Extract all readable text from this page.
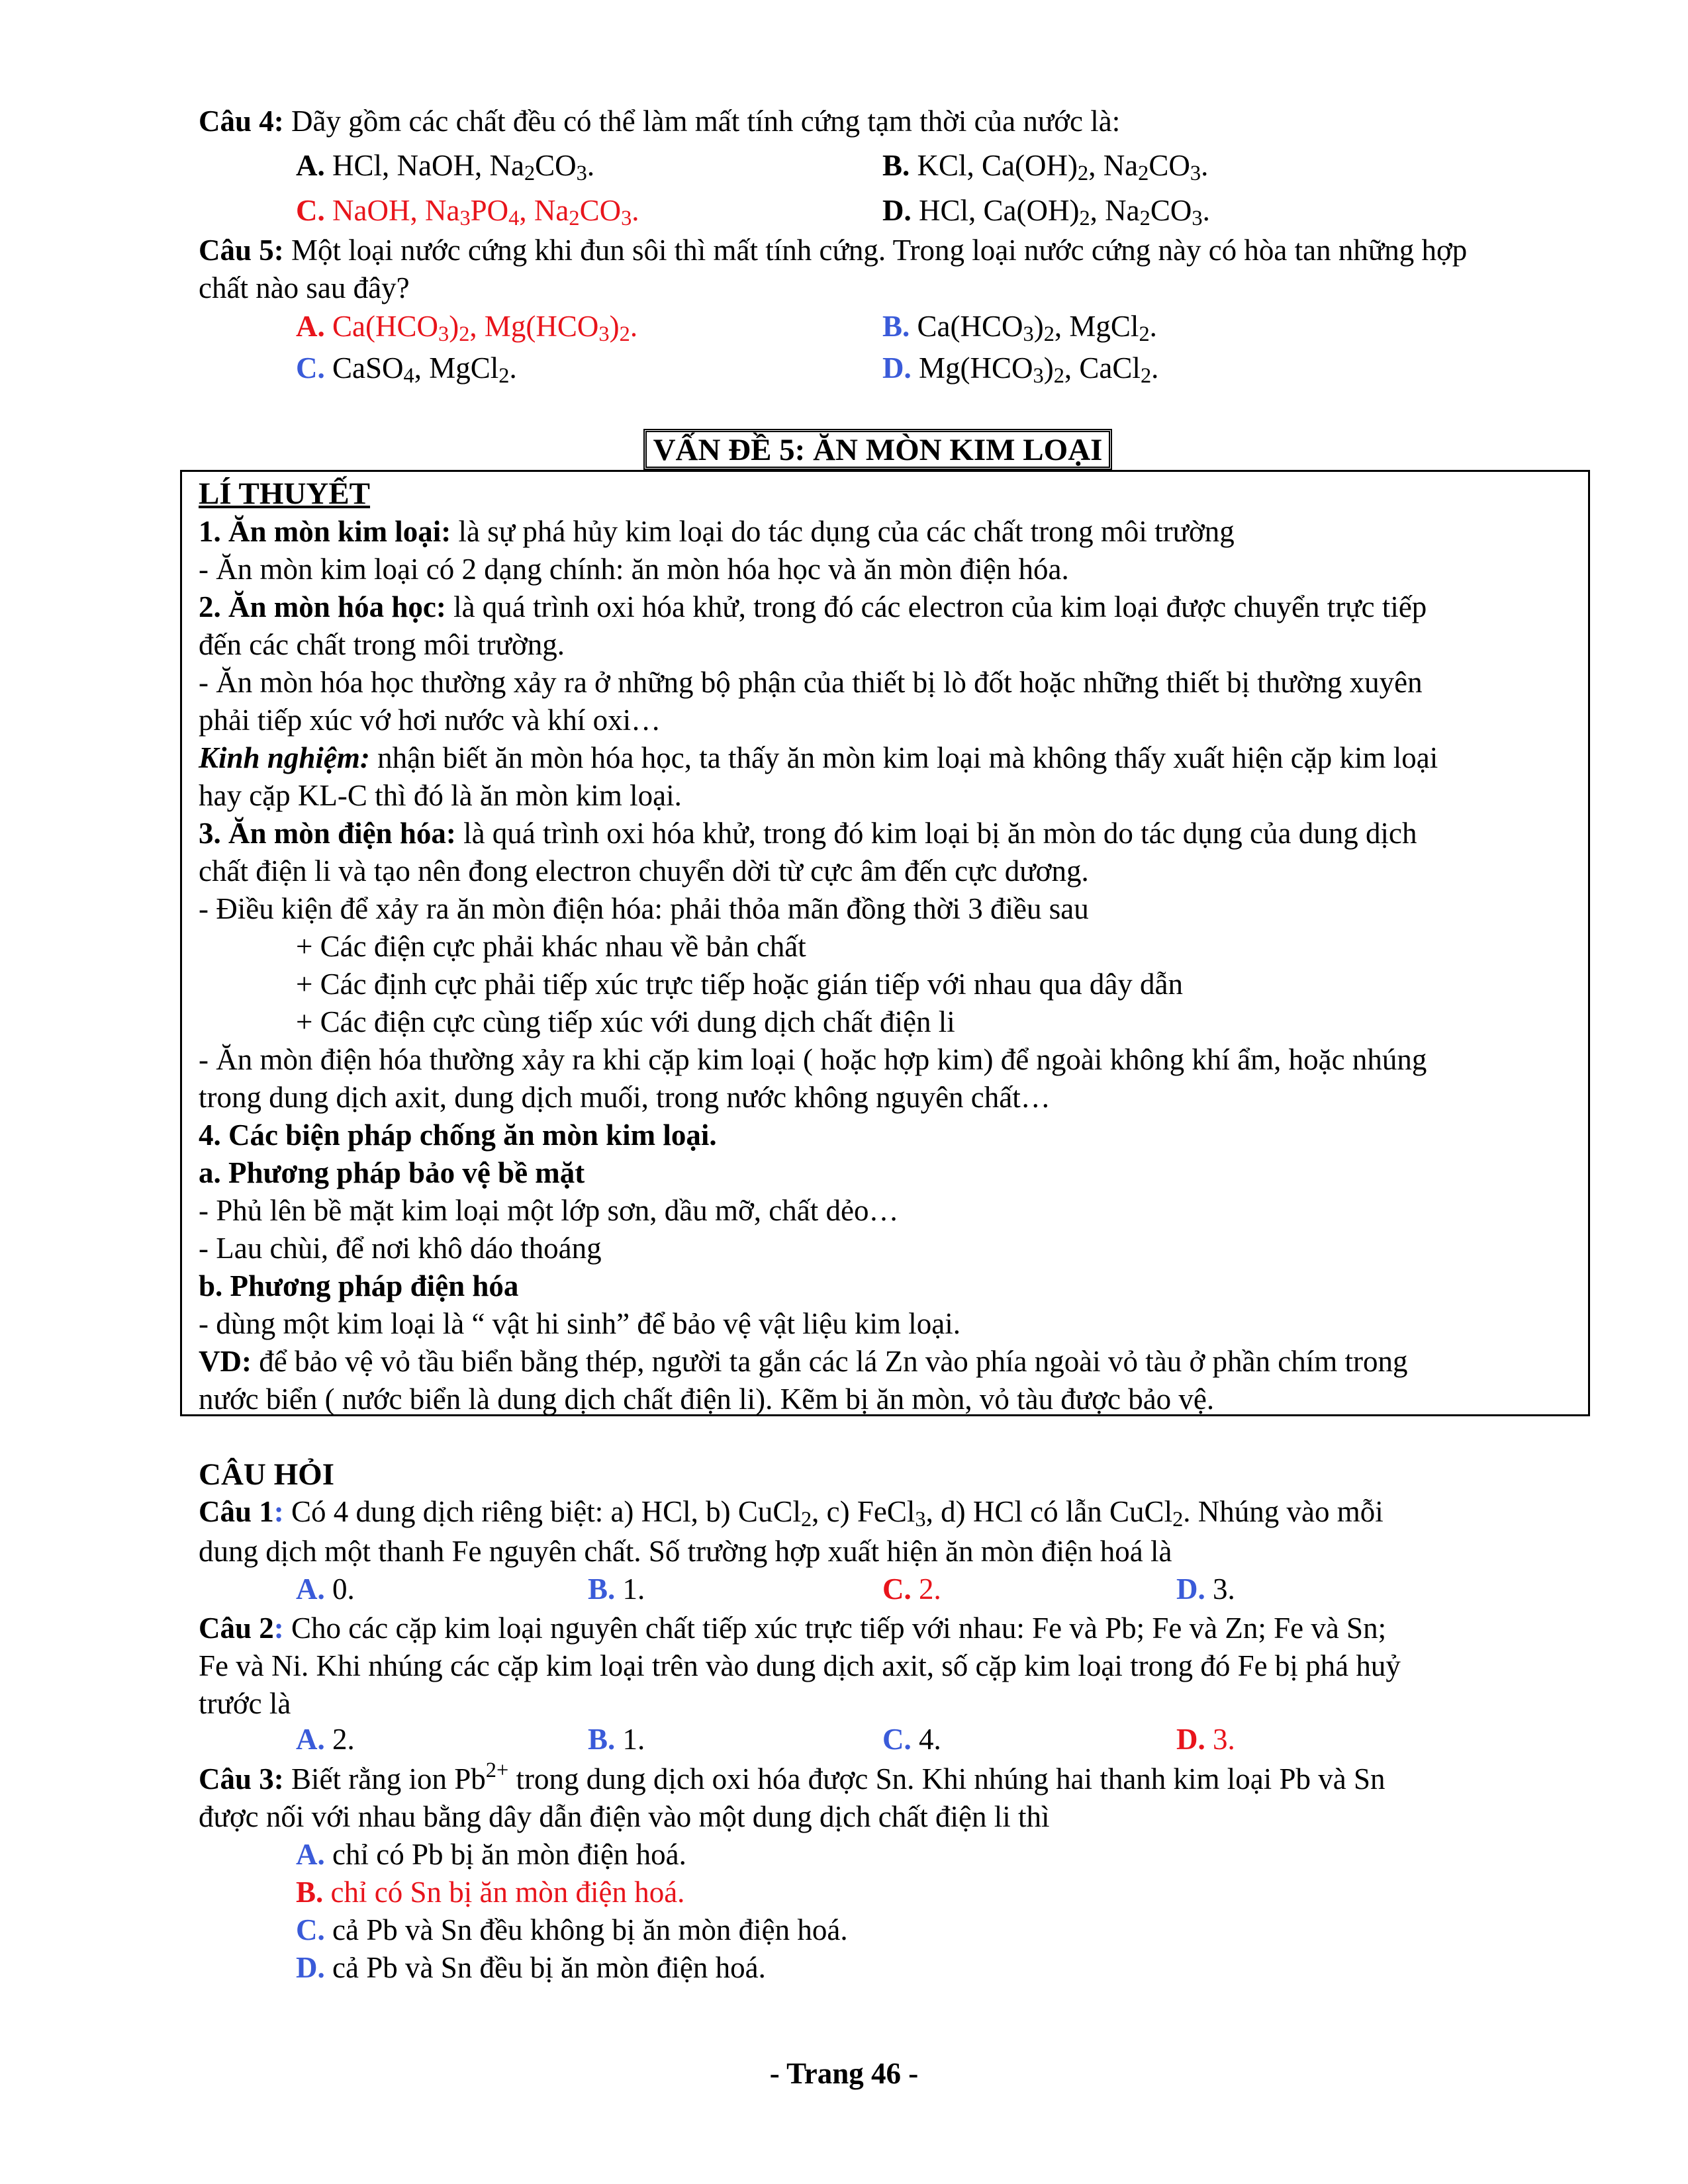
Câu 4: Dãy gồm các chất đều có thể làm mất tính cứng tạm thời của nước là:
A. HCl, NaOH, $Na_2CO_3$.	B. KCl, $Ca(OH)_2$, $Na_2CO_3$.
C. NaOH, $Na_3PO_4$, $Na_2CO_3$.	D. HCl, $Ca(OH)_2$, $Na_2CO_3$.
Câu 5: Một loại nước cứng khi đun sôi thì mất tính cứng. Trong loại nước cứng này có hòa tan những hợp
chất nào sau đây?
A. $Ca(HCO_3)_2$, $Mg(HCO_3)_2$.	B. $Ca(HCO_3)_2$, MgCl$_2$.
C. CaSO$_4$, MgCl$_2$.	D. $Mg(HCO_3)_2$, CaCl$_2$.
VẤN ĐỀ 5: ĂN MÒN KIM LOẠI
LÍ THUYẾT
1. Ăn mòn kim loại: là sự phá hủy kim loại do tác dụng của các chất trong môi trường
- Ăn mòn kim loại có 2 dạng chính: ăn mòn hóa học và ăn mòn điện hóa.
2. Ăn mòn hóa học: là quá trình oxi hóa khử, trong đó các electron của kim loại được chuyển trực tiếp
đến các chất trong môi trường.
- Ăn mòn hóa học thường xảy ra ở những bộ phận của thiết bị lò đốt hoặc những thiết bị thường xuyên
phải tiếp xúc vớ hơi nước và khí oxi…
Kinh nghiệm: nhận biết ăn mòn hóa học, ta thấy ăn mòn kim loại mà không thấy xuất hiện cặp kim loại
hay cặp KL-C thì đó là ăn mòn kim loại.
3. Ăn mòn điện hóa: là quá trình oxi hóa khử, trong đó kim loại bị ăn mòn do tác dụng của dung dịch
chất điện li và tạo nên đong electron chuyển dời từ cực âm đến cực dương.
- Điều kiện để xảy ra ăn mòn điện hóa: phải thỏa mãn đồng thời 3 điều sau
+ Các điện cực phải khác nhau về bản chất
+ Các định cực phải tiếp xúc trực tiếp hoặc gián tiếp với nhau qua dây dẫn
+ Các điện cực cùng tiếp xúc với dung dịch chất điện li
- Ăn mòn điện hóa thường xảy ra khi cặp kim loại ( hoặc hợp kim) để ngoài không khí ẩm, hoặc nhúng
trong dung dịch axit, dung dịch muối, trong nước không nguyên chất…
4. Các biện pháp chống ăn mòn kim loại.
a. Phương pháp bảo vệ bề mặt
- Phủ lên bề mặt kim loại một lớp sơn, dầu mỡ, chất dẻo…
- Lau chùi, để nơi khô dáo thoáng
b. Phương pháp điện hóa
- dùng một kim loại là “ vật hi sinh” để bảo vệ vật liệu kim loại.
VD: để bảo vệ vỏ tầu biển bằng thép, người ta gắn các lá Zn vào phía ngoài vỏ tàu ở phần chím trong
nước biển ( nước biển là dung dịch chất điện li). Kẽm bị ăn mòn, vỏ tàu được bảo vệ.
CÂU HỎI
Câu 1: Có 4 dung dịch riêng biệt: a) HCl, b) CuCl$_2$, c) FeCl$_3$, d) HCl có lẫn CuCl$_2$. Nhúng vào mỗi
dung dịch một thanh Fe nguyên chất. Số trường hợp xuất hiện ăn mòn điện hoá là
A. 0.	B. 1.	C. 2.	D. 3.
Câu 2: Cho các cặp kim loại nguyên chất tiếp xúc trực tiếp với nhau: Fe và Pb; Fe và Zn; Fe và Sn;
Fe và Ni. Khi nhúng các cặp kim loại trên vào dung dịch axit, số cặp kim loại trong đó Fe bị phá huỷ
trước là
A. 2.	B. 1.	C. 4.	D. 3.
Câu 3: Biết rằng ion $Pb^{2+}$ trong dung dịch oxi hóa được Sn. Khi nhúng hai thanh kim loại Pb và Sn
được nối với nhau bằng dây dẫn điện vào một dung dịch chất điện li thì
A. chỉ có Pb bị ăn mòn điện hoá.
B. chỉ có Sn bị ăn mòn điện hoá.
C. cả Pb và Sn đều không bị ăn mòn điện hoá.
D. cả Pb và Sn đều bị ăn mòn điện hoá.
- Trang 46 -
